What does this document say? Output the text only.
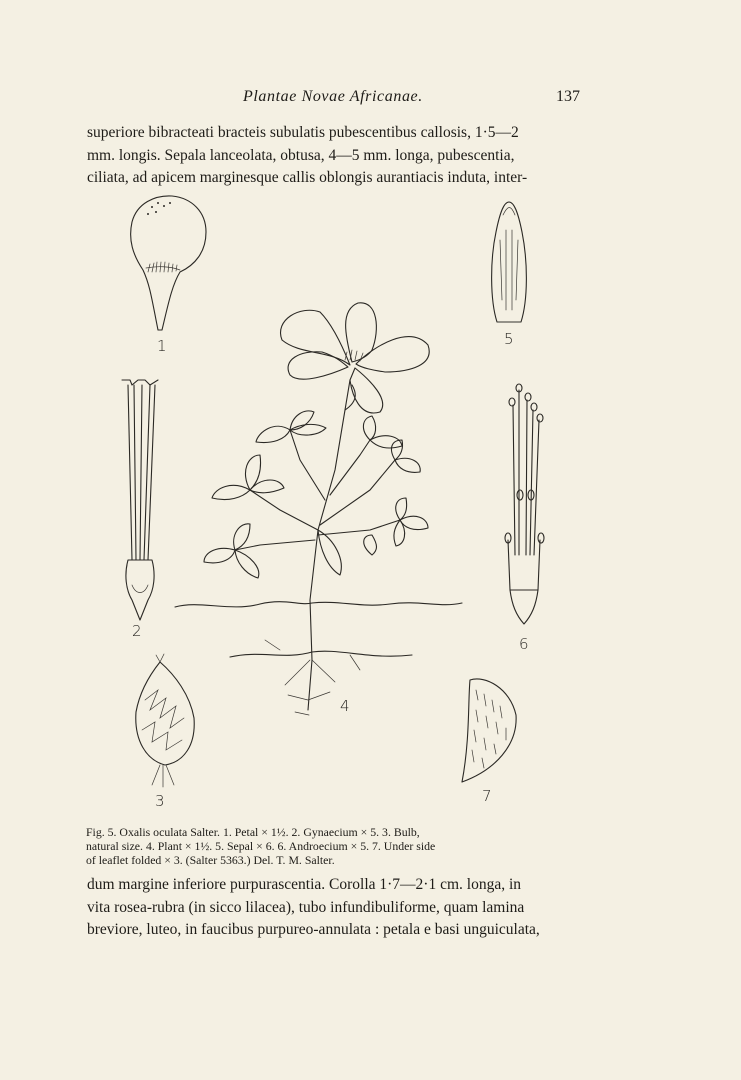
Plantae Novae Africanae.	137
superiore bibracteati bracteis subulatis pubescentibus callosis, 1·5—2
mm. longis. Sepala lanceolata, obtusa, 4—5 mm. longa, pubescentia,
ciliata, ad apicem marginesque callis oblongis aurantiacis induta, inter-
1
2
3
4
5
6
7
Fig. 5. Oxalis oculata Salter. 1. Petal × 1½. 2. Gynaecium × 5. 3. Bulb,
natural size. 4. Plant × 1½. 5. Sepal × 6. 6. Androecium × 5. 7. Under side
of leaflet folded × 3. (Salter 5363.) Del. T. M. Salter.
dum margine inferiore purpurascentia. Corolla 1·7—2·1 cm. longa, in
vita rosea-rubra (in sicco lilacea), tubo infundibuliforme, quam lamina
breviore, luteo, in faucibus purpureo-annulata : petala e basi unguiculata,
